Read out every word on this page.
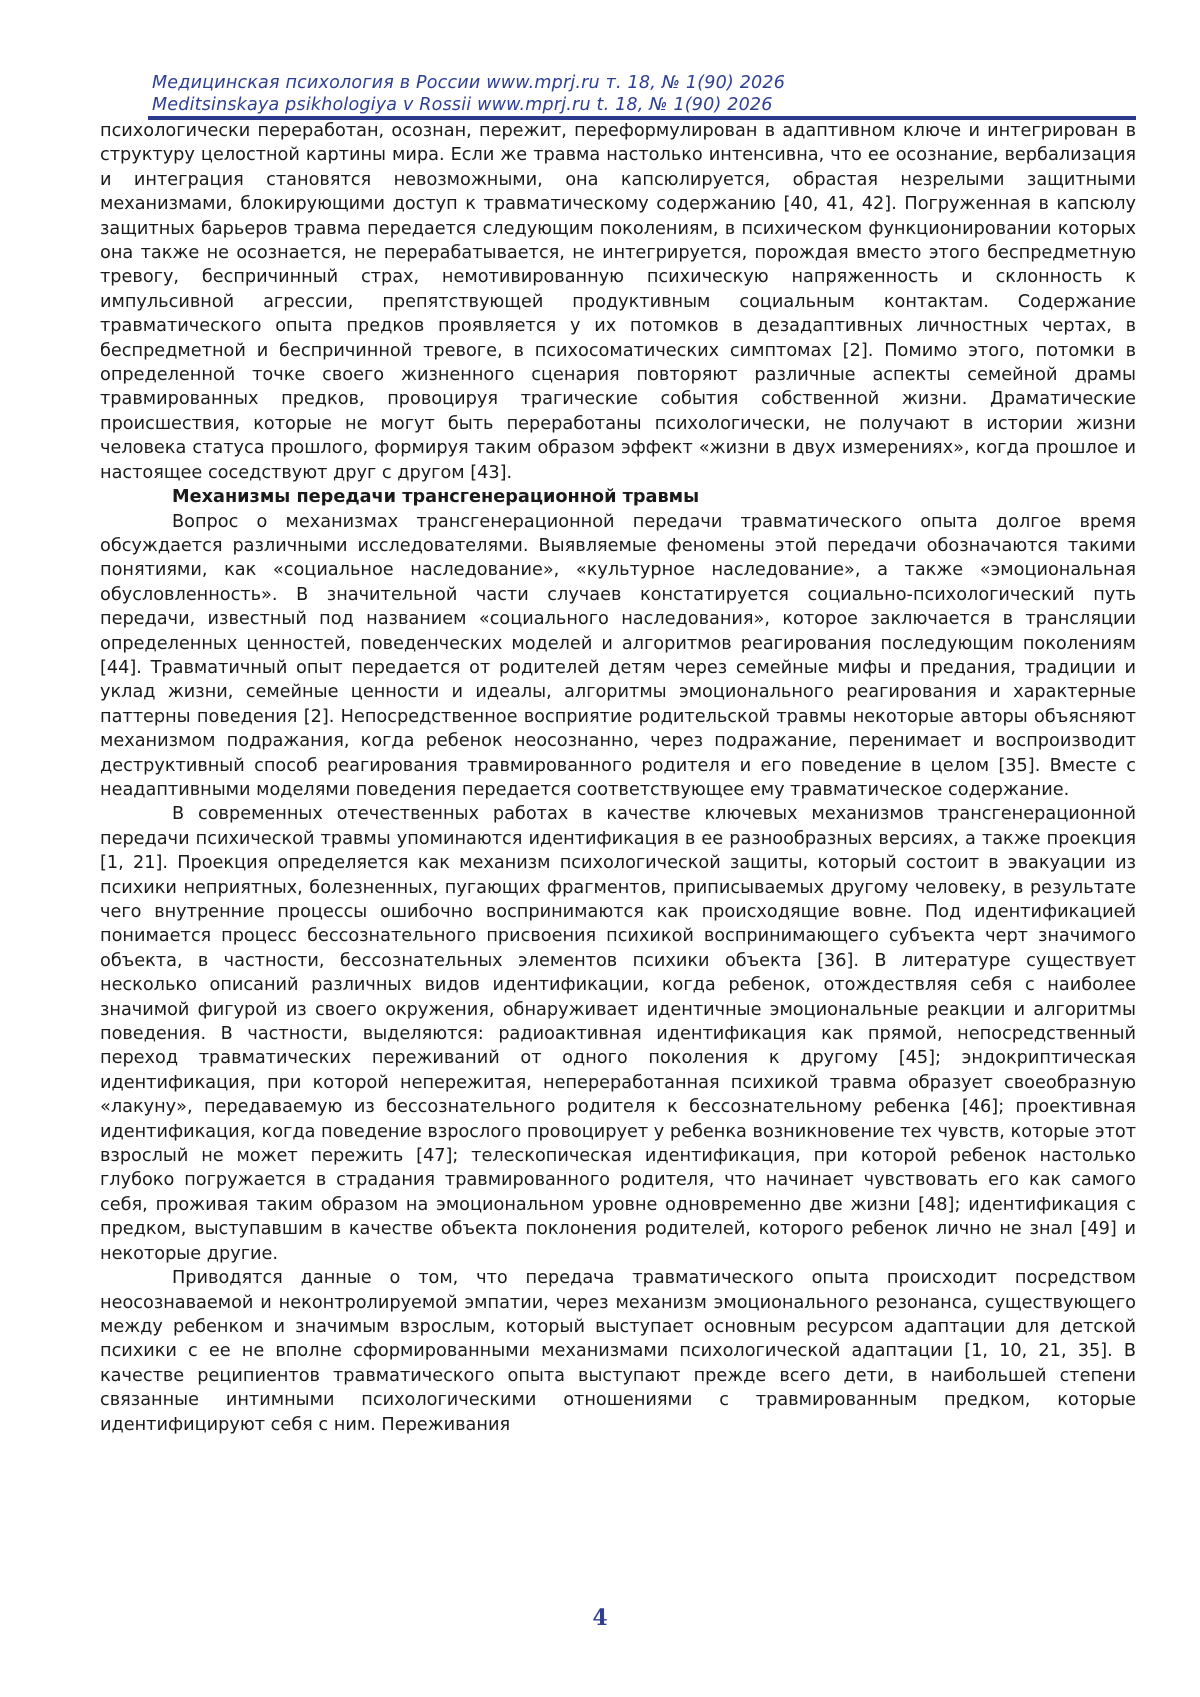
Медицинская психология в России www.mprj.ru т. 18, № 1(90) 2026
Meditsinskaya psikhologiya v Rossii www.mprj.ru t. 18, № 1(90) 2026

психологически переработан, осознан, пережит, переформулирован в адаптивном ключе и интегрирован в структуру целостной картины мира. Если же травма настолько интенсивна, что ее осознание, вербализация и интеграция становятся невозможными, она капсюлируется, обрастая незрелыми защитными механизмами, блокирующими доступ к травматическому содержанию [40, 41, 42]. Погруженная в капсюлу защитных барьеров травма передается следующим поколениям, в психическом функционировании которых она также не осознается, не перерабатывается, не интегрируется, порождая вместо этого беспредметную тревогу, беспричинный страх, немотивированную психическую напряженность и склонность к импульсивной агрессии, препятствующей продуктивным социальным контактам. Содержание травматического опыта предков проявляется у их потомков в дезадаптивных личностных чертах, в беспредметной и беспричинной тревоге, в психосоматических симптомах [2]. Помимо этого, потомки в определенной точке своего жизненного сценария повторяют различные аспекты семейной драмы травмированных предков, провоцируя трагические события собственной жизни. Драматические происшествия, которые не могут быть переработаны психологически, не получают в истории жизни человека статуса прошлого, формируя таким образом эффект «жизни в двух измерениях», когда прошлое и настоящее соседствуют друг с другом [43].

Механизмы передачи трансгенерационной травмы

Вопрос о механизмах трансгенерационной передачи травматического опыта долгое время обсуждается различными исследователями. Выявляемые феномены этой передачи обозначаются такими понятиями, как «социальное наследование», «культурное наследование», а также «эмоциональная обусловленность». В значительной части случаев констатируется социально-психологический путь передачи, известный под названием «социального наследования», которое заключается в трансляции определенных ценностей, поведенческих моделей и алгоритмов реагирования последующим поколениям [44]. Травматичный опыт передается от родителей детям через семейные мифы и предания, традиции и уклад жизни, семейные ценности и идеалы, алгоритмы эмоционального реагирования и характерные паттерны поведения [2]. Непосредственное восприятие родительской травмы некоторые авторы объясняют механизмом подражания, когда ребенок неосознанно, через подражание, перенимает и воспроизводит деструктивный способ реагирования травмированного родителя и его поведение в целом [35]. Вместе с неадаптивными моделями поведения передается соответствующее ему травматическое содержание.

В современных отечественных работах в качестве ключевых механизмов трансгенерационной передачи психической травмы упоминаются идентификация в ее разнообразных версиях, а также проекция [1, 21]. Проекция определяется как механизм психологической защиты, который состоит в эвакуации из психики неприятных, болезненных, пугающих фрагментов, приписываемых другому человеку, в результате чего внутренние процессы ошибочно воспринимаются как происходящие вовне. Под идентификацией понимается процесс бессознательного присвоения психикой воспринимающего субъекта черт значимого объекта, в частности, бессознательных элементов психики объекта [36]. В литературе существует несколько описаний различных видов идентификации, когда ребенок, отождествляя себя с наиболее значимой фигурой из своего окружения, обнаруживает идентичные эмоциональные реакции и алгоритмы поведения. В частности, выделяются: радиоактивная идентификация как прямой, непосредственный переход травматических переживаний от одного поколения к другому [45]; эндокриптическая идентификация, при которой непережитая, непереработанная психикой травма образует своеобразную «лакуну», передаваемую из бессознательного родителя к бессознательному ребенка [46]; проективная идентификация, когда поведение взрослого провоцирует у ребенка возникновение тех чувств, которые этот взрослый не может пережить [47]; телескопическая идентификация, при которой ребенок настолько глубоко погружается в страдания травмированного родителя, что начинает чувствовать его как самого себя, проживая таким образом на эмоциональном уровне одновременно две жизни [48]; идентификация с предком, выступавшим в качестве объекта поклонения родителей, которого ребенок лично не знал [49] и некоторые другие.

Приводятся данные о том, что передача травматического опыта происходит посредством неосознаваемой и неконтролируемой эмпатии, через механизм эмоционального резонанса, существующего между ребенком и значимым взрослым, который выступает основным ресурсом адаптации для детской психики с ее не вполне сформированными механизмами психологической адаптации [1, 10, 21, 35]. В качестве реципиентов травматического опыта выступают прежде всего дети, в наибольшей степени связанные интимными психологическими отношениями с травмированным предком, которые идентифицируют себя с ним. Переживания

4
